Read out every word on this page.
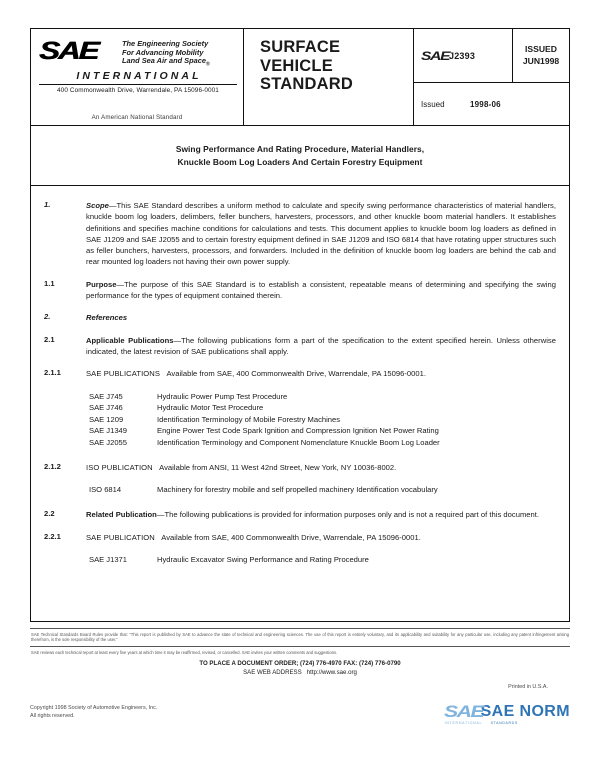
SAE	The Engineering Society
For Advancing Mobility
Land Sea Air and Space$_®$
INTERNATIONAL
400 Commonwealth Drive, Warrendale, PA 15096-0001
An American National Standard
SURFACE
VEHICLE
STANDARD
SAE J2393
ISSUED
JUN1998
Issued	1998-06
Swing Performance And Rating Procedure, Material Handlers,
Knuckle Boom Log Loaders And Certain Forestry Equipment
1.	Scope—This SAE Standard describes a uniform method to calculate and specify swing performance characteristics of material handlers, knuckle boom log loaders, delimbers, feller bunchers, harvesters, processors, and other knuckle boom material handlers. It establishes definitions and specifies machine conditions for calculations and tests. This document applies to knuckle boom log loaders as defined in SAE J1209 and SAE J2055 and to certain forestry equipment defined in SAE J1209 and ISO 6814 that have rotating upper structures such as feller bunchers, harvesters, processors, and forwarders. Included in the definition of knuckle boom log loaders are behind the cab and rear mounted log loaders not having their own power supply.
1.1	Purpose—The purpose of this SAE Standard is to establish a consistent, repeatable means of determining and specifying the swing performance for the types of equipment contained therein.
2.	References
2.1	Applicable Publications—The following publications form a part of the specification to the extent specified herein. Unless otherwise indicated, the latest revision of SAE publications shall apply.
2.1.1	SAE PUBLICATIONS Available from SAE, 400 Commonwealth Drive, Warrendale, PA 15096-0001.
SAE J745	Hydraulic Power Pump Test Procedure
SAE J746	Hydraulic Motor Test Procedure
SAE 1209	Identification Terminology of Mobile Forestry Machines
SAE J1349	Engine Power Test Code Spark Ignition and Compression Ignition Net Power Rating
SAE J2055	Identification Terminology and Component Nomenclature Knuckle Boom Log Loader
2.1.2	ISO PUBLICATION Available from ANSI, 11 West 42nd Street, New York, NY 10036-8002.
ISO 6814	Machinery for forestry mobile and self propelled machinery Identification vocabulary
2.2	Related Publication—The following publications is provided for information purposes only and is not a required part of this document.
2.2.1	SAE PUBLICATION Available from SAE, 400 Commonwealth Drive, Warrendale, PA 15096-0001.
SAE J1371	Hydraulic Excavator Swing Performance and Rating Procedure
SAE Technical Standards Board Rules provide that: “This report is published by SAE to advance the state of technical and engineering sciences. The use of this report is entirely voluntary, and its applicability and suitability for any particular use, including any patent infringement arising therefrom, is the sole responsibility of the user.”
SAE reviews each technical report at least every five years at which time it may be reaffirmed, revised, or cancelled. SAE invites your written comments and suggestions.
TO PLACE A DOCUMENT ORDER; (724) 776-4970 FAX: (724) 776-0790
SAE WEB ADDRESS http://www.sae.org
Copyright 1998 Society of Automotive Engineers, Inc.
All rights reserved.
Printed in U.S.A.
SAE
SAE NORM
INTERNATIONAL STANDARDS
